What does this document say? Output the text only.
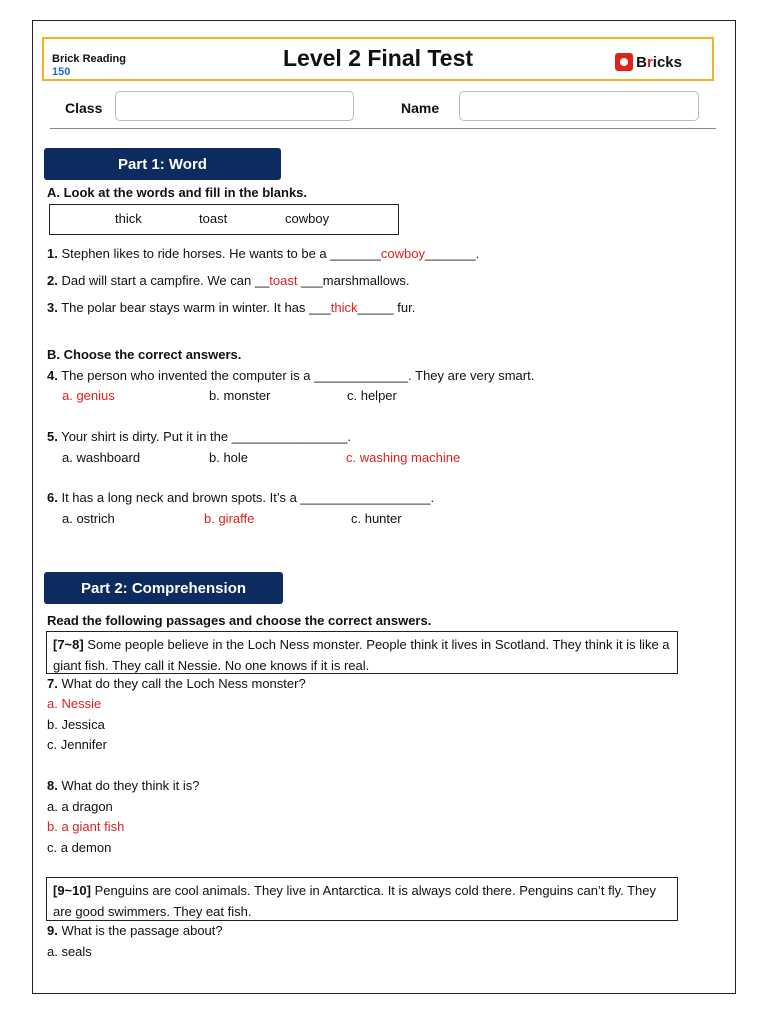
Brick Reading
150
Level 2 Final Test	Bricks
Class	Name
Part 1: Word
A. Look at the words and fill in the blanks.
thick	toast	cowboy
1. Stephen likes to ride horses. He wants to be a _______cowboy_______.
2. Dad will start a campfire. We can __toast ___marshmallows.
3. The polar bear stays warm in winter. It has ___thick_____ fur.
B. Choose the correct answers.
4. The person who invented the computer is a _____________. They are very smart.
a. genius	b. monster	c. helper
5. Your shirt is dirty. Put it in the ________________.
a. washboard	b. hole	c. washing machine
6. It has a long neck and brown spots. It’s a __________________.
a. ostrich	b. giraffe	c. hunter
Part 2: Comprehension
Read the following passages and choose the correct answers.
[7~8] Some people believe in the Loch Ness monster. People think it lives in Scotland. They think it is like a giant fish. They call it Nessie. No one knows if it is real.
7. What do they call the Loch Ness monster?
a. Nessie
b. Jessica
c. Jennifer
8. What do they think it is?
a. a dragon
b. a giant fish
c. a demon
[9~10] Penguins are cool animals. They live in Antarctica. It is always cold there. Penguins can’t fly. They are good swimmers. They eat fish.
9. What is the passage about?
a. seals
